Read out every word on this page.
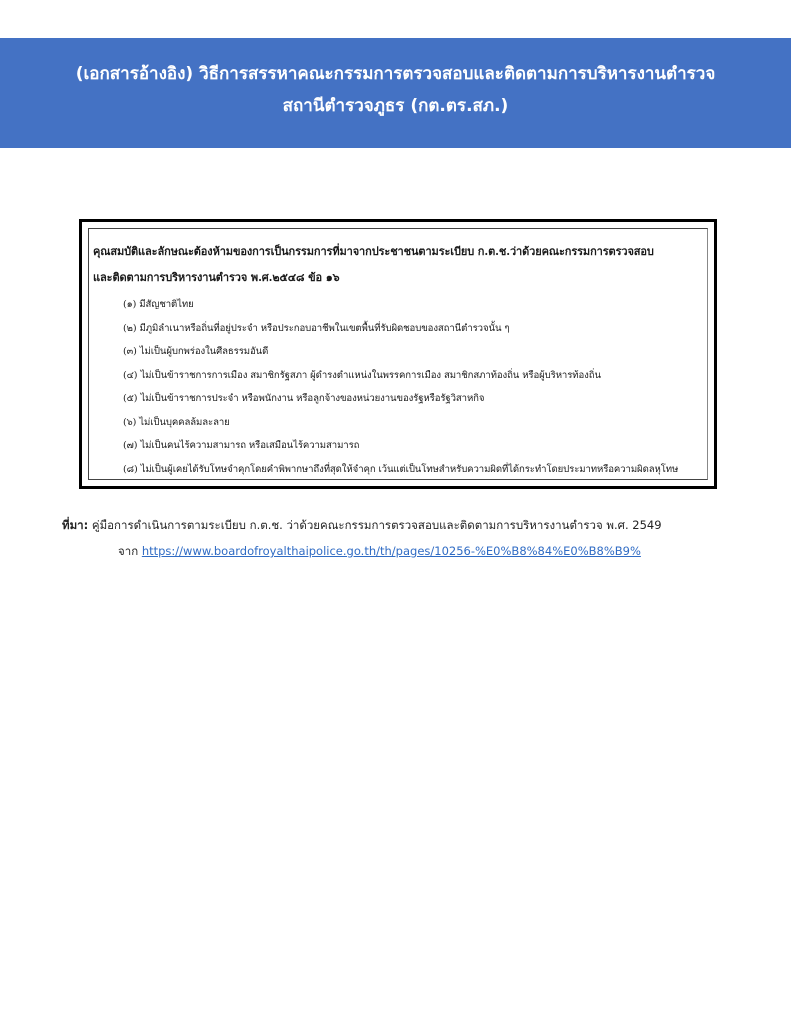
(เอกสารอ้างอิง) วิธีการสรรหาคณะกรรมการตรวจสอบและติดตามการบริหารงานตำรวจ
สถานีตำรวจภูธร (กต.ตร.สภ.)
คุณสมบัติและลักษณะต้องห้ามของการเป็นกรรมการที่มาจากประชาชนตามระเบียบ ก.ต.ช.ว่าด้วยคณะกรรมการตรวจสอบ
และติดตามการบริหารงานตำรวจ พ.ศ.๒๕๔๘ ข้อ ๑๖
(๑) มีสัญชาติไทย
(๒) มีภูมิลำเนาหรือถิ่นที่อยู่ประจำ หรือประกอบอาชีพในเขตพื้นที่รับผิดชอบของสถานีตำรวจนั้น ๆ
(๓) ไม่เป็นผู้บกพร่องในศีลธรรมอันดี
(๔) ไม่เป็นข้าราชการการเมือง สมาชิกรัฐสภา ผู้ดำรงตำแหน่งในพรรคการเมือง สมาชิกสภาท้องถิ่น หรือผู้บริหารท้องถิ่น
(๕) ไม่เป็นข้าราชการประจำ หรือพนักงาน หรือลูกจ้างของหน่วยงานของรัฐหรือรัฐวิสาหกิจ
(๖) ไม่เป็นบุคคลล้มละลาย
(๗) ไม่เป็นคนไร้ความสามารถ หรือเสมือนไร้ความสามารถ
(๘) ไม่เป็นผู้เคยได้รับโทษจำคุกโดยคำพิพากษาถึงที่สุดให้จำคุก เว้นแต่เป็นโทษสำหรับความผิดที่ได้กระทำโดยประมาทหรือความผิดลหุโทษ
ที่มา: คู่มือการดำเนินการตามระเบียบ ก.ต.ช. ว่าด้วยคณะกรรมการตรวจสอบและติดตามการบริหารงานตำรวจ พ.ศ. 2549
จาก https://www.boardofroyalthaipolice.go.th/th/pages/10256-%E0%B8%84%E0%B8%B9%
